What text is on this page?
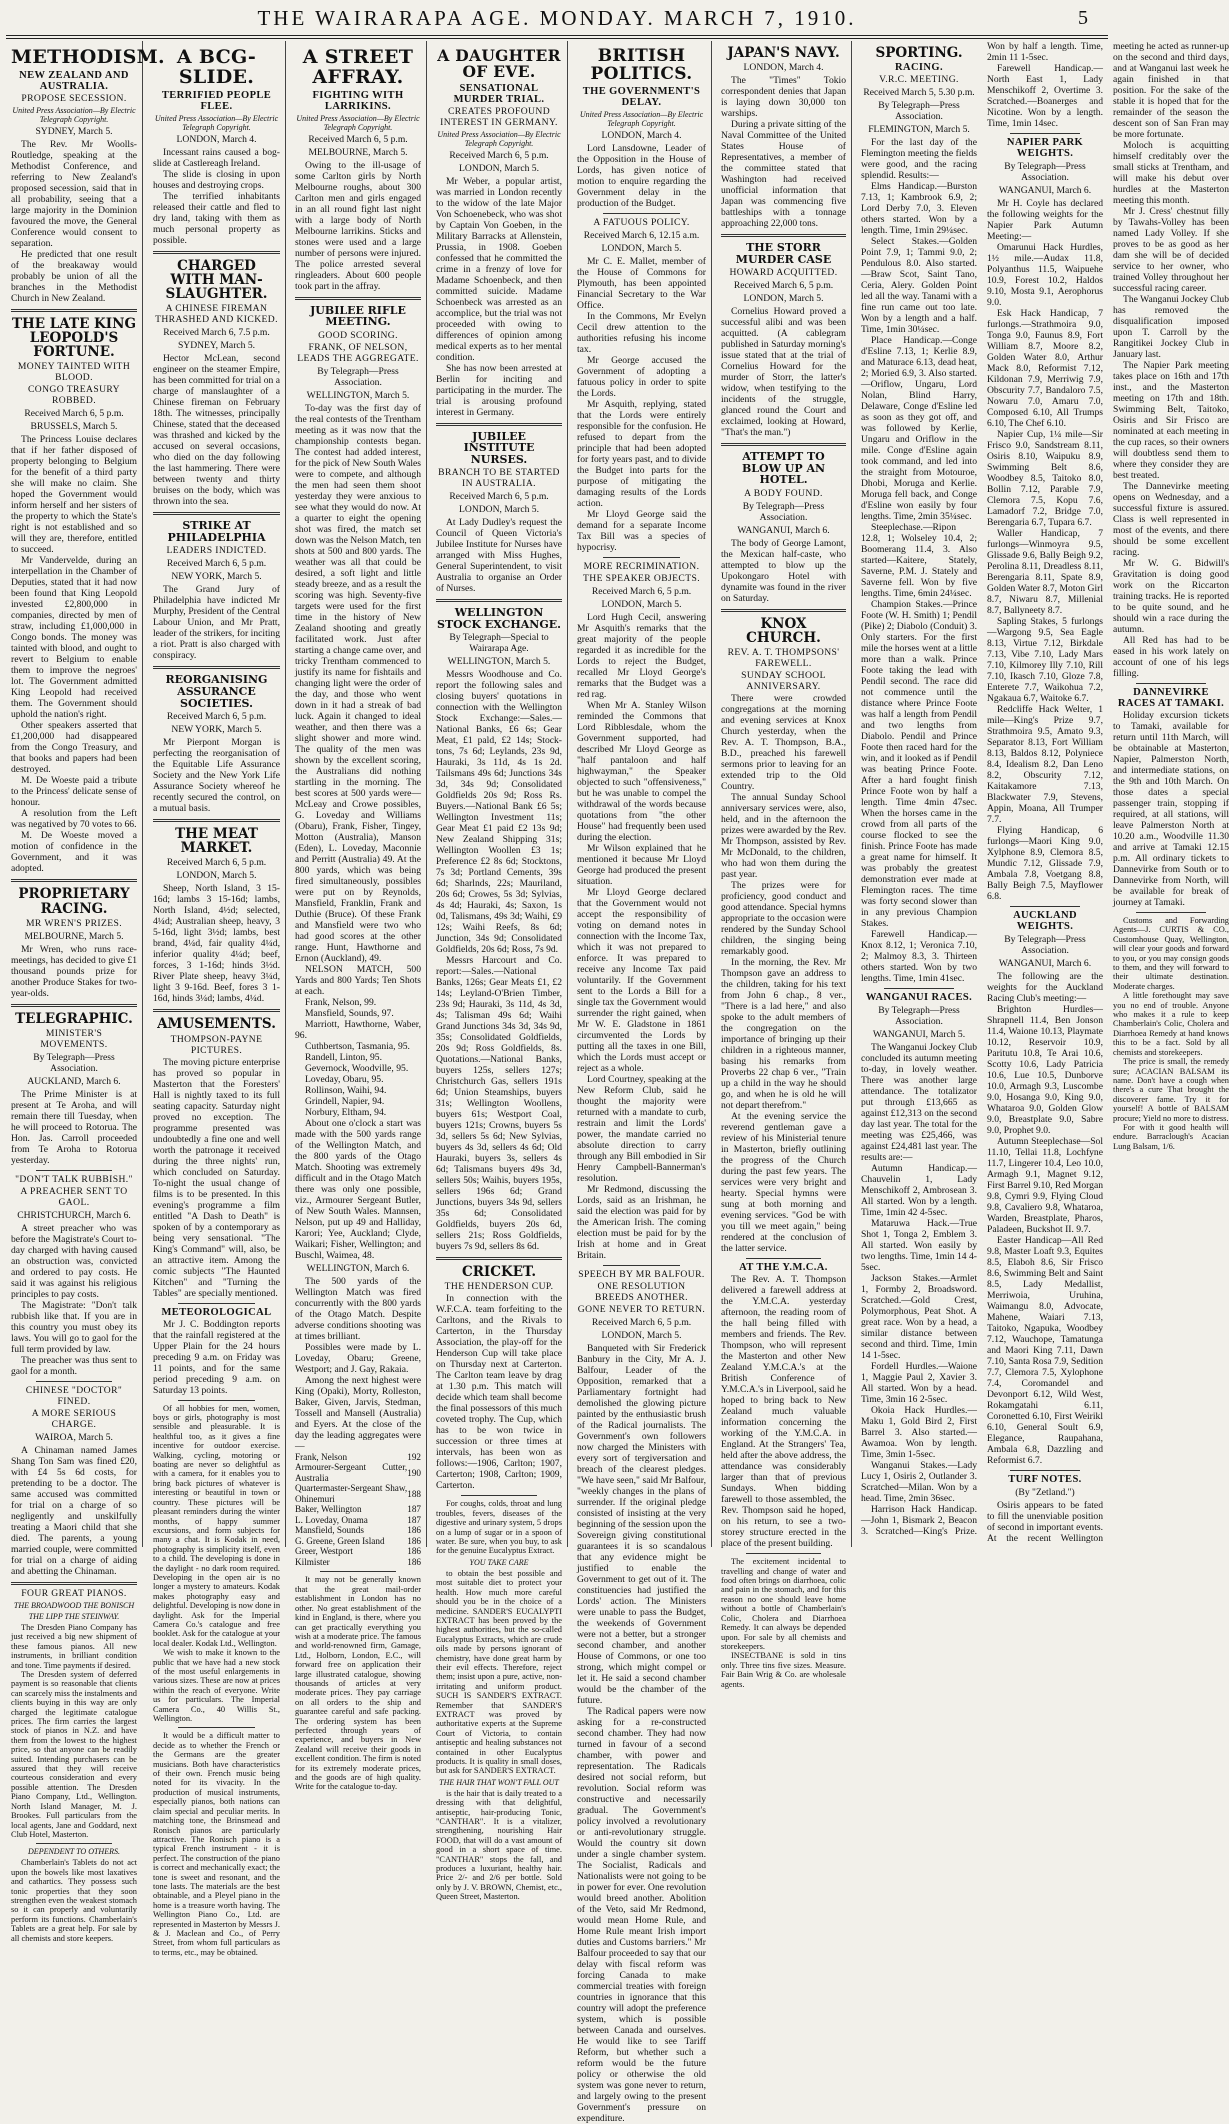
THE WAIRARAPA AGE. MONDAY. MARCH 7, 1910.	5
METHODISM.
NEW ZEALAND AND AUSTRALIA.
PROPOSE SECESSION.
United Press Association—By Electric Telegraph Copyright.
SYDNEY, March 5.

The Rev. Mr Woolls-Routledge, speaking at the Methodist Conference, and referring to New Zealand's proposed secession, said that in all probability, seeing that a large majority in the Dominion favoured the move, the General Conference would consent to separation.

He predicted that one result of the breakaway would probably be union of all the branches in the Methodist Church in New Zealand.

THE LATE KING LEOPOLD'S FORTUNE.
MONEY TAINTED WITH BLOOD.
CONGO TREASURY ROBBED.
Received March 6, 5 p.m.
BRUSSELS, March 5.

The Princess Louise declares that if her father disposed of property belonging to Belgium for the benefit of a third party she will make no claim. She hoped the Government would inform herself and her sisters of the property to which the State's right is not established and so will they are, therefore, entitled to succeed.

Mr Vandervelde, during an interpellation in the Chamber of Deputies, stated that it had now been found that King Leopold invested £2,800,000 in companies, directed by men of straw, including £1,000,000 in Congo bonds. The money was tainted with blood, and ought to revert to Belgium to enable them to improve the negroes' lot. The Government admitted King Leopold had received them. The Government should uphold the nation's right.

Other speakers asserted that £1,200,000 had disappeared from the Congo Treasury, and that books and papers had been destroyed.

M. De Woeste paid a tribute to the Princess' delicate sense of honour.

A resolution from the Left was negatived by 70 votes to 66.

M. De Woeste moved a motion of confidence in the Government, and it was adopted.

PROPRIETARY RACING.
MR WREN'S PRIZES.
MELBOURNE, March 5.

Mr Wren, who runs race-meetings, has decided to give £1 thousand pounds prize for another Produce Stakes for two-year-olds.

TELEGRAPHIC.
MINISTER'S MOVEMENTS.
By Telegraph—Press Association.
AUCKLAND, March 6.

The Prime Minister is at present at Te Aroha, and will remain there till Tuesday, when he will proceed to Rotorua. The Hon. Jas. Carroll proceeded from Te Aroha to Rotorua yesterday.

"DON'T TALK RUBBISH."
A PREACHER SENT TO GAOL.
CHRISTCHURCH, March 6.

A street preacher who was before the Magistrate's Court to-day charged with having caused an obstruction was, convicted and ordered to pay costs. He said it was against his religious principles to pay costs.

The Magistrate: "Don't talk rubbish like that. If you are in this country you must obey its laws. You will go to gaol for the full term provided by law.

The preacher was thus sent to gaol for a month.

CHINESE "DOCTOR" FINED.
A MORE SERIOUS CHARGE.
WAIROA, March 5.

A Chinaman named James Shang Ton Sam was fined £20, with £4 5s 6d costs, for pretending to be a doctor. The same accused was committed for trial on a charge of so negligently and unskilfully treating a Maori child that she died. The parents, a young married couple, were committed for trial on a charge of aiding and abetting the Chinaman.

FOUR GREAT PIANOS.
THE BROADWOOD THE BONISCH
THE LIPP THE STEINWAY.

The Dresden Piano Company has just received a big new shipment of these famous pianos. All new instruments, in brilliant condition and tone. Time payments if desired.

The Dresden system of deferred payment is so reasonable that clients can scarcely miss the instalments and clients buying in this way are only charged the legitimate catalogue prices. The firm carries the largest stock of pianos in N.Z. and have them from the lowest to the highest price, so that anyone can be readily suited. Intending purchasers can be assured that they will receive courteous consideration and every possible attention. The Dresden Piano Company, Ltd., Wellington. North Island Manager, M. J. Brookes. Full particulars from the local agents, Jane and Goddard, next Club Hotel, Masterton.

DEPENDENT TO OTHERS.

Chamberlain's Tablets do not act upon the bowels like most laxatives and cathartics. They possess such tonic properties that they soon strengthen even the weakest stomach so it can properly and voluntarily perform its functions. Chamberlain's Tablets are a great help. For sale by all chemists and store keepers.

A BCG-SLIDE.
TERRIFIED PEOPLE FLEE.
United Press Association—By Electric Telegraph Copyright.
LONDON, March 4.

Incessant rains caused a bog-slide at Castlereagh Ireland.

The slide is closing in upon houses and destroying crops.

The terrified inhabitants released their cattle and fled to dry land, taking with them as much personal property as possible.

CHARGED WITH MAN-SLAUGHTER.
A CHINESE FIREMAN THRASHED AND KICKED.
Received March 6, 7.5 p.m.
SYDNEY, March 5.

Hector McLean, second engineer on the steamer Empire, has been committed for trial on a charge of manslaughter of a Chinese fireman on February 18th. The witnesses, principally Chinese, stated that the deceased was thrashed and kicked by the accused on several occasions, who died on the day following the last hammering. There were between twenty and thirty bruises on the body, which was thrown into the sea.

STRIKE AT PHILADELPHIA
LEADERS INDICTED.
Received March 6, 5 p.m.
NEW YORK, March 5.

The Grand Jury of Philadelphia have indicted Mr Murphy, President of the Central Labour Union, and Mr Pratt, leader of the strikers, for inciting a riot. Pratt is also charged with conspiracy.

REORGANISING ASSURANCE SOCIETIES.
Received March 6, 5 p.m.
NEW YORK, March 5.

Mr Pierpont Morgan is perfecting the reorganisation of the Equitable Life Assurance Society and the New York Life Assurance Society whereof he recently secured the control, on a mutual basis.

THE MEAT MARKET.
Received March 6, 5 p.m.
LONDON, March 5.

Sheep, North Island, 3 15-16d; lambs 3 15-16d; lambs, North Island, 4½d; selected, 4¼d; Australian sheep, heavy, 3 5-16d, light 3½d; lambs, best brand, 4¼d, fair quality 4¼d, inferior quality 4¼d; beef, forces, 3 1-16d; hinds 3½d. River Plate sheep, heavy 3¼d, light 3 9-16d. Beef, fores 3 1-16d, hinds 3¼d; lambs, 4¼d.

AMUSEMENTS.
THOMPSON-PAYNE PICTURES.

The moving picture enterprise has proved so popular in Masterton that the Foresters' Hall is nightly taxed to its full seating capacity. Saturday night proved no exception. The programme presented was undoubtedly a fine one and well worth the patronage it received during the three nights' run, which concluded on Saturday. To-night the usual change of films is to be presented. In this evening's programme a film entitled "A Dash to Death" is spoken of by a contemporary as being very sensational. "The King's Command" will, also, be an attractive item. Among the comic subjects "The Haunted Kitchen" and "Turning the Tables" are specially mentioned.

METEOROLOGICAL

Mr J. C. Boddington reports that the rainfall registered at the Upper Plain for the 24 hours preceding 9 a.m. on Friday was 11 points, and for the same period preceding 9 a.m. on Saturday 13 points.

Of all hobbies for men, women, boys or girls, photography is most sensible and pleasurable. It is healthful too, as it gives a fine incentive for outdoor exercise. Walking, cycling, motoring or boating are never so delightful as with a camera, for it enables you to bring back pictures of whatever is interesting or beautiful in town or country. These pictures will be pleasant reminders during the winter months, of happy summer excursions, and form subjects for many a chat. It is Kodak in need, photography is simplicity itself, even to a child. The developing is done in the daylight - no dark room required. Developing in the open air is no longer a mystery to amateurs. Kodak makes photography easy and delightful. Developing is now done in daylight. Ask for the Imperial Camera Co.'s catalogue and free booklet. Ask for the catalogue at your local dealer. Kodak Ltd., Wellington.

We wish to make it known to the public that we have had a new stock of the most useful enlargements in various sizes. These are now at prices within the reach of everyone. Write us for particulars. The Imperial Camera Co., 40 Willis St., Wellington.

It would be a difficult matter to decide as to whether the French or the Germans are the greater musicians. Both have characteristics of their own. French music being noted for its vivacity. In the production of musical instruments, especially pianos, both nations can claim special and peculiar merits. In matching tone, the Brinsmead and Ronisch pianos are particularly attractive. The Ronisch piano is a typical French instrument - it is perfect. The construction of the piano is correct and mechanically exact; the tone is sweet and resonant, and the tone lasts. The materials are the best obtainable, and a Pleyel piano in the home is a treasure worth having. The Wellington Piano Co., Ltd. are represented in Masterton by Messrs J. & J. Maclean and Co., of Perry Street, from whom full particulars as to terms, etc., may be obtained.

A STREET AFFRAY.
FIGHTING WITH LARRIKINS.
United Press Association—By Electric Telegraph Copyright.
Received March 6, 5 p.m.
MELBOURNE, March 5.

Owing to the ill-usage of some Carlton girls by North Melbourne roughs, about 300 Carlton men and girls engaged in an all round fight last night with a large body of North Melbourne larrikins. Sticks and stones were used and a large number of persons were injured. The police arrested several ringleaders. About 600 people took part in the affray.

JUBILEE RIFLE MEETING.
GOOD SCORING.
FRANK, OF NELSON, LEADS THE AGGREGATE.
By Telegraph—Press Association.
WELLINGTON, March 5.

To-day was the first day of the real contests of the Trentham meeting as it was now that the championship contests began. The contest had added interest, for the pick of New South Wales were to compete, and although the men had seen them shoot yesterday they were anxious to see what they would do now. At a quarter to eight the opening shot was fired, the match set down was the Nelson Match, ten shots at 500 and 800 yards. The weather was all that could be desired, a soft light and little steady breeze, and as a result the scoring was high. Seventy-five targets were used for the first time in the history of New Zealand shooting and greatly facilitated work. Just after starting a change came over, and tricky Trentham commenced to justify its name for fishtails and changing light were the order of the day, and those who went down in it had a streak of bad luck. Again it changed to ideal weather, and then there was a slight shower and more wind. The quality of the men was shown by the excellent scoring, the Australians did nothing startling in the morning. The best scores at 500 yards were—McLeay and Crowe possibles, G. Loveday and Williams (Obaru), Frank, Fisher, Tingey, Motton (Australia), Manson (Eden), L. Loveday, Maconnie and Perritt (Australia) 49. At the 800 yards, which was being fired simultaneously, possibles were put on by Reynolds, Mansfield, Franklin, Frank and Duthie (Bruce). Of these Frank and Mansfield were two who had good scores at the other range. Hunt, Hawthorne and Ernon (Auckland), 49.

NELSON MATCH, 500 Yards and 800 Yards; Ten Shots at each.

Frank, Nelson, 99.

Mansfield, Sounds, 97.

Marriott, Hawthorne, Waber, 96.

Cuthbertson, Tasmania, 95.

Randell, Linton, 95.

Gevernock, Woodville, 95.

Loveday, Obaru, 95.

Rollinson, Waihi, 94.

Grindell, Napier, 94.

Norbury, Eltham, 94.

About one o'clock a start was made with the 500 yards range of the Wellington Match, and the 800 yards of the Otago Match. Shooting was extremely difficult and in the Otago Match there was only one possible, viz., Armourer Sergeant Butler, of New South Wales. Mannsen, Nelson, put up 49 and Halliday, Karori; Yee, Auckland; Clyde, Waikari; Fisher, Wellington; and Buschl, Waimea, 48.

WELLINGTON, March 6.

The 500 yards of the Wellington Match was fired concurrently with the 800 yards of the Otago Match. Despite adverse conditions shooting was at times brilliant.

Possibles were made by L. Loveday, Obaru; Greene, Westport; and J. Gay, Rakaia.

Among the next highest were King (Opaki), Morty, Rolleston, Baker, Given, Jarvis, Stedman, Tossell and Mansell (Australia) and Eyers. At the close of the day the leading aggregates were—

Frank, Nelson	192
Armourer-Sergeant Cutter, Australia	190
Quartermaster-Sergeant Shaw, Ohinemuri	188
Baker, Wellington	187
L. Loveday, Onama	187
Mansfield, Sounds	186
G. Greene, Green Island	186
Greer, Westport	186
Kilmister	186

It may not be generally known that the great mail-order establishment in London has no other. No great establishment of the kind in England, is there, where you can get practically everything you wish at a moderate price. The famous and world-renowned firm, Gamage, Ltd., Holborn, London, E.C., will forward free on application their large illustrated catalogue, showing thousands of articles at very moderate prices. They pay carriage on all orders to the ship and guarantee careful and safe packing. The ordering system has been perfected through years of experience, and buyers in New Zealand will receive their goods in excellent condition. The firm is noted for its extremely moderate prices, and the goods are of high quality. Write for the catalogue to-day.

A DAUGHTER OF EVE.
SENSATIONAL MURDER TRIAL.
CREATES PROFOUND INTEREST IN GERMANY.
United Press Association—By Electric Telegraph Copyright.
Received March 6, 5 p.m.
LONDON, March 5.

Mr Weber, a popular artist, was married in London recently to the widow of the late Major Von Schoenebeck, who was shot by Captain Von Goeben, in the Military Barracks at Allenstein, Prussia, in 1908. Goeben confessed that he committed the crime in a frenzy of love for Madame Schoenbeck, and then committed suicide. Madame Schoenbeck was arrested as an accomplice, but the trial was not proceeded with owing to differences of opinion among medical experts as to her mental condition.

She has now been arrested at Berlin for inciting and participating in the murder. The trial is arousing profound interest in Germany.

JUBILEE INSTITUTE NURSES.
BRANCH TO BE STARTED IN AUSTRALIA.
Received March 6, 5 p.m.
LONDON, March 5.

At Lady Dudley's request the Council of Queen Victoria's Jubilee Institute for Nurses have arranged with Miss Hughes, General Superintendent, to visit Australia to organise an Order of Nurses.

WELLINGTON STOCK EXCHANGE.
By Telegraph—Special to Wairarapa Age.
WELLINGTON, March 5.

Messrs Woodhouse and Co. report the following sales and closing buyers' quotations in connection with the Wellington Stock Exchange:—Sales.—National Banks, £6 6s; Gear Meat, £1 pald, £2 14s; Stock-tons, 7s 6d; Leylands, 23s 9d, Hauraki, 3s 11d, 4s 1s 2d. Tailsmans 49s 6d; Junctions 34s 3d, 34s 9d; Consolidated Goldfields 20s 9d; Ross Rs. Buyers.—National Bank £6 5s; Wellington Investment 11s; Gear Meat £1 paid £2 13s 9d; New Zealand Shipping 31s; Wellington Woollen £3 1s; Preference £2 8s 6d; Stocktons, 7s 3d; Portland Cements, 39s 6d; Sharlnds, 22s; Mauriland, 20s 6d; Crowes, 5s 3d; Sylvias, 4s 4d; Hauraki, 4s; Saxon, 1s 0d, Talismans, 49s 3d; Waihi, £9 12s; Waihi Reefs, 8s 6d; Junction, 34s 9d; Consolidated Goldfields, 20s 6d; Ross, 7s 9d.

Messrs Harcourt and Co. report:—Sales.—National Banks, 126s; Gear Meats £1, £2 14s; Leyland-O'Brien Timber, 23s 9d; Hauraki, 3s 11d, 4s 3d, 4s; Talisman 49s 6d; Waihi Grand Junctions 34s 3d, 34s 9d, 35s; Consolidated Goldfields, 20s 9d; Ross Goldfields, 8s. Quotations.—National Banks, buyers 125s, sellers 127s; Christchurch Gas, sellers 191s 6d; Union Steamships, buyers 31s; Wellington Woollens, buyers 61s; Westport Coal, buyers 121s; Crowns, buyers 5s 3d, sellers 5s 6d; New Sylvias, buyers 4s 3d, sellers 4s 6d; Old Hauraki, buyers 3s, sellers 4s 6d; Talismans buyers 49s 3d, sellers 50s; Waihis, buyers 195s, sellers 196s 6d; Grand Junctions, buyers 34s 9d, sellers 35s 6d; Consolidated Goldfields, buyers 20s 6d, sellers 21s; Ross Goldfields, buyers 7s 9d, sellers 8s 6d.

CRICKET.
THE HENDERSON CUP.

In connection with the W.F.C.A. team forfeiting to the Carltons, and the Rivals to Carterton, in the Thursday Association, the play-off for the Henderson Cup will take place on Thursday next at Carterton. The Carlton team leave by drag at 1.30 p.m. This match will decide which team shall become the final possessors of this much coveted trophy. The Cup, which has to be won twice in succession or three times at intervals, has been won as follows:—1906, Carlton; 1907, Carterton; 1908, Carlton; 1909, Carterton.

For coughs, colds, throat and lung troubles, fevers, diseases of the digestive and urinary system, 5 drops on a lump of sugar or in a spoon of water. Be sure, when you buy, to ask for the genuine Eucalyptus Extract.

YOU TAKE CARE

to obtain the best possible and most suitable diet to protect your health. How much more careful should you be in the choice of a medicine. SANDER'S EUCALYPTI EXTRACT has been proved by the highest authorities, but the so-called Eucalyptus Extracts, which are crude oils made by persons ignorant of chemistry, have done great harm by their evil effects. Therefore, reject them; insist upon a pure, active, non-irritating and uniform product. SUCH IS SANDER'S EXTRACT. Remember that SANDER'S EXTRACT was proved by authoritative experts at the Supreme Court of Victoria, to contain antiseptic and healing substances not contained in other Eucalyptus products. It is quality in small doses, but ask for SANDER'S EXTRACT.

THE HAIR THAT WON'T FALL OUT

is the hair that is daily treated to a dressing with that delightful, antiseptic, hair-producing Tonic, "CANTHAR". It is a vitalizer, strengthening, nourishing Hair FOOD, that will do a vast amount of good in a short space of time. "CANTHAR" stops the fall, and produces a luxuriant, healthy hair. Price 2/- and 2/6 per bottle. Sold only by J. V. BROWN, Chemist, etc., Queen Street, Masterton.

BRITISH POLITICS.
THE GOVERNMENT'S DELAY.
United Press Association—By Electric Telegraph Copyright.
LONDON, March 4.

Lord Lansdowne, Leader of the Opposition in the House of Lords, has given notice of motion to enquire regarding the Government delay in the production of the Budget.

A FATUOUS POLICY.
Received March 6, 12.15 a.m.
LONDON, March 5.

Mr C. E. Mallet, member of the House of Commons for Plymouth, has been appointed Financial Secretary to the War Office.

In the Commons, Mr Evelyn Cecil drew attention to the authorities refusing his income tax.

Mr George accused the Government of adopting a fatuous policy in order to spite the Lords.

Mr Asquith, replying, stated that the Lords were entirely responsible for the confusion. He refused to depart from the principle that had been adopted for forty years past, and to divide the Budget into parts for the purpose of mitigating the damaging results of the Lords action.

Mr Lloyd George said the demand for a separate Income Tax Bill was a species of hypocrisy.

MORE RECRIMINATION.
THE SPEAKER OBJECTS.
Received March 6, 5 p.m.
LONDON, March 5.

Lord Hugh Cecil, answering Mr Asquith's remarks that the great majority of the people regarded it as incredible for the Lords to reject the Budget, recalled Mr Lloyd George's remarks that the Budget was a red rag.

When Mr A. Stanley Wilson reminded the Commons that Lord Ribblesdale, whom the Government supported, had described Mr Lloyd George as "half pantaloon and half highwayman," the Speaker objected to such "offensiveness," but he was unable to compel the withdrawal of the words because quotations from "the other House" had frequently been used during the election.

Mr Wilson explained that he mentioned it because Mr Lloyd George had produced the present situation.

Mr Lloyd George declared that the Government would not accept the responsibility of voting on demand notes in connection with the Income Tax, which it was not prepared to enforce. It was prepared to receive any Income Tax paid voluntarily. If the Government sent to the Lords a Bill for a single tax the Government would surrender the right gained, when Mr W. E. Gladstone in 1861 circumvented the Lords by putting all the taxes in one Bill, which the Lords must accept or reject as a whole.

Lord Courtney, speaking at the New Reform Club, said he thought the majority were returned with a mandate to curb, restrain and limit the Lords' power, the mandate carried no absolute direction to carry through any Bill embodied in Sir Henry Campbell-Bannerman's resolution.

Mr Redmond, discussing the Lords, said as an Irishman, he said the election was paid for by the American Irish. The coming election must be paid for by the Irish at home and in Great Britain.

SPEECH BY MR BALFOUR.
ONE RESOLUTION BREEDS ANOTHER.
GONE NEVER TO RETURN.
Received March 6, 5 p.m.
LONDON, March 5.

Banqueted with Sir Frederick Banbury in the City, Mr A. J. Balfour, Leader of the Opposition, remarked that a Parliamentary fortnight had demolished the glowing picture painted by the enthusiastic brush of the Radical journalists. The Government's own followers now charged the Ministers with every sort of tergiversation and breach of the clearest pledges. "We have seen," said Mr Balfour, "weekly changes in the plans of surrender. If the original pledge consisted of insisting at the very beginning of the session upon the Sovereign giving constitutional guarantees it is so scandalous that any evidence might be justified to enable the Government to get out of it. The constituencies had justified the Lords' action. The Ministers were unable to pass the Budget, the weekends of Government were not a better, but a stronger second chamber, and another House of Commons, or one too strong, which might compel or let it. He said a second chamber would be the chamber of the future.

The Radical papers were now asking for a re-constructed second chamber. They had now turned in favour of a second chamber, with power and representation. The Radicals desired not social reform, but revolution. Social reform was constructive and necessarily gradual. The Government's policy involved a revolutionary or anti-revolutionary struggle. Would the country sit down under a single chamber system. The Socialist, Radicals and Nationalists were not going to be in power for ever. One revolution would breed another. Abolition of the Veto, said Mr Redmond, would mean Home Rule, and Home Rule meant Irish import duties and Customs barriers." Mr Balfour proceeded to say that our delay with fiscal reform was forcing Canada to make commercial treaties with foreign countries in ignorance that this country will adopt the preference system, which is possible between Canada and ourselves. He would like to see Tariff Reform, but whether such a reform would be the future policy or otherwise the old system was gone never to return, and largely owing to the present Government's pressure on expenditure.

JAPAN'S NAVY.
LONDON, March 4.

The "Times" Tokio correspondent denies that Japan is laying down 30,000 ton warships.

During a private sitting of the Naval Committee of the United States House of Representatives, a member of the committee stated that Washington had received unofficial information that Japan was commencing five battleships with a tonnage approaching 22,000 tons.

THE STORR MURDER CASE
HOWARD ACQUITTED.
Received March 6, 5 p.m.
LONDON, March 5.

Cornelius Howard proved a successful alibi and was been acquitted. (A cablegram published in Saturday morning's issue stated that at the trial of Cornelius Howard for the murder of Storr, the latter's widow, when testifying to the incidents of the struggle, glanced round the Court and exclaimed, looking at Howard, "That's the man.")

ATTEMPT TO BLOW UP AN HOTEL.
A BODY FOUND.
By Telegraph—Press Association.
WANGANUI, March 6.

The body of George Lamont, the Mexican half-caste, who attempted to blow up the Upokongaro Hotel with dynamite was found in the river on Saturday.

KNOX CHURCH.
REV. A. T. THOMPSONS' FAREWELL.
SUNDAY SCHOOL ANNIVERSARY.

There were crowded congregations at the morning and evening services at Knox Church yesterday, when the Rev. A. T. Thompson, B.A., B.D., preached his farewell sermons prior to leaving for an extended trip to the Old Country.

The annual Sunday School anniversary services were, also, held, and in the afternoon the prizes were awarded by the Rev. Mr Thompson, assisted by Rev. Mr McDonald, to the children, who had won them during the past year.

The prizes were for proficiency, good conduct and good attendance. Special hymns appropriate to the occasion were rendered by the Sunday School children, the singing being remarkably good.

In the morning, the Rev. Mr Thompson gave an address to the children, taking for his text from John 6 chap., 8 ver., "There is a lad here," and also spoke to the adult members of the congregation on the importance of bringing up their children in a righteous manner, basing his remarks from Proverbs 22 chap 6 ver., "Train up a child in the way he should go, and when he is old he will not depart therefrom."

At the evening service the reverend gentleman gave a review of his Ministerial tenure in Masterton, briefly outlining the progress of the Church during the past few years. The services were very bright and hearty. Special hymns were sung at both morning and evening services. "God be with you till we meet again," being rendered at the conclusion of the latter service.

AT THE Y.M.C.A.

The Rev. A. T. Thompson delivered a farewell address at the Y.M.C.A. yesterday afternoon, the reading room of the hall being filled with members and friends. The Rev. Thompson, who will represent the Masterton and other New Zealand Y.M.C.A.'s at the British Conference of Y.M.C.A.'s in Liverpool, said he hoped to bring back to New Zealand much valuable information concerning the working of the Y.M.C.A. in England. At the Strangers' Tea, held after the above address, the attendance was considerably larger than that of previous Sundays. When bidding farewell to those assembled, the Rev. Thompson said he hoped, on his return, to see a two-storey structure erected in the place of the present building.

The excitement incidental to travelling and change of water and food often brings on diarrhoea, colic and pain in the stomach, and for this reason no one should leave home without a bottle of Chamberlain's Colic, Cholera and Diarrhoea Remedy. It can always be depended upon. For sale by all chemists and storekeepers.

INSECTBANE is sold in tins only. Three tins five sizes. Measure. Fair Bain Wrig & Co. are wholesale agents.

SPORTING.
RACING.
V.R.C. MEETING.
Received March 5, 5.30 p.m.
By Telegraph—Press Association.
FLEMINGTON, March 5.

For the last day of the Flemington meeting the fields were good, and the racing splendid. Results:—

Elms Handicap.—Burston 7.13, 1; Kambrook 6.9, 2; Lord Derby 7.0, 3. Eleven others started. Won by a length. Time, 1min 29¼sec.

Select Stakes.—Golden Point 7.9, 1; Tammi 9.0, 2; Pendulous 8.0. Also started.—Braw Scot, Saint Tano, Ceria, Alery. Golden Point led all the way. Tanami with a fine run came out too late. Won by a length and a half. Time, 1min 30¼sec.

Place Handicap.—Conge d'Esline 7.13, 1; Kerlie 8.9, and Maturace 6.13, dead heat, 2; Moried 6.9, 3. Also started.—Oriflow, Ungaru, Lord Nolan, Blind Harry, Delaware, Conge d'Esline led as soon as they got off, and was followed by Kerlie, Ungaru and Oriflow in the mile. Conge d'Esline again took command, and led into the straight from Motouroe, Dhobi, Moruga and Kerlie. Moruga fell back, and Conge d'Esline won easily by four lengths. Time, 2min 35¼sec.

Steeplechase.—Ripon 12.8, 1; Wolseley 10.4, 2; Boomerang 11.4, 3. Also started—Kaitere, Stately, Saverne, P.M. J. Stately and Saverne fell. Won by five lengths. Time, 6min 24¼sec.

Champion Stakes.—Prince Foote (W. H. Smith) 1; Pendil (Pike) 2; Diabolo (Conduit) 3. Only starters. For the first mile the horses went at a little more than a walk. Prince Foote taking the lead with Pendil second. The race did not commence until the distance where Prince Foote was half a length from Pendil and two lengths from Diabolo. Pendil and Prince Foote then raced hard for the win, and it looked as if Pendil was beating Prince Foote. After a hard fought finish Prince Foote won by half a length. Time 4min 47sec. When the horses came in the crowd from all parts of the course flocked to see the finish. Prince Foote has made a great name for himself. It was probably the greatest demonstration ever made at Flemington races. The time was forty second slower than in any previous Champion Stakes.

Farewell Handicap.—Knox 8.12, 1; Veronica 7.10, 2; Malmoy 8.3, 3. Thirteen others started. Won by two lengths. Time, 1min 41sec.

WANGANUI RACES.
By Telegraph—Press Association.
WANGANUI, March 5.

The Wanganui Jockey Club concluded its autumn meeting to-day, in lovely weather. There was another large attendance. The totalizator put through £13,665 as against £12,313 on the second day last year. The total for the meeting was £25,466, was against £24,481 last year. The results are:—

Autumn Handicap.—Chauvelin 1, Lady Menschikoff 2, Ambrosean 3. All started. Won by a length. Time, 1min 42 4-5sec.

Mataruwa Hack.—True Shot 1, Tonga 2, Emblem 3. All started. Won easily by two lengths. Time, 1min 14 4-5sec.

Jackson Stakes.—Armlet 1, Formby 2, Broadsword. Scratched.—Gold Crest, Polymorphous, Peat Shot. A great race. Won by a head, a similar distance between second and third. Time, 1min 14 1-5sec.

Fordell Hurdles.—Waione 1, Maggie Paul 2, Xavier 3. All started. Won by a head. Time, 3min 16 2-5sec.

Okoia Hack Hurdles.—Maku 1, Gold Bird 2, First Barrel 3. Also started.—Awamoa. Won by length. Time, 3min 1-5sec.

Wanganui Stakes.—Lady Lucy 1, Osiris 2, Outlander 3. Scratched—Milan. Won by a head. Time, 2min 36sec.

Harrison Hack Handicap.—John 1, Bismark 2, Beacon 3. Scratched—King's Prize. Won by half a length. Time, 2min 11 1-5sec.

Farewell Handicap.—North East 1, Lady Menschikoff 2, Overtime 3. Scratched.—Boanerges and Nicotine. Won by a length. Time, 1min 14sec.

NAPIER PARK WEIGHTS.
By Telegraph—Press Association.
WANGANUI, March 6.

Mr H. Coyle has declared the following weights for the Napier Park Autumn Meeting:—

Omarunui Hack Hurdles, 1½ mile.—Audax 11.8, Polyanthus 11.5, Waipuehe 10.9, Forest 10.2, Haldos 9.10, Mosta 9.1, Aerophorus 9.0.

Esk Hack Handicap, 7 furlongs.—Strathmoira 9.0, Tonga 9.0, Faunus 8.9, Fort William 8.7, Moore 8.2, Golden Water 8.0, Arthur Mack 8.0, Reformist 7.12, Kildonan 7.9, Merriwig 7.9, Obscurity 7.7, Bandaloro 7.5, Nowaru 7.0, Amaru 7.0, Composed 6.10, All Trumps 6.10, The Chef 6.10.

Napier Cup, 1¼ mile—Sir Frisco 9.0, Sandstream 8.11, Osiris 8.10, Waipuku 8.9, Swimming Belt 8.6, Woodbey 8.5, Taitoko 8.0, Bollin 7.12, Parable 7.9, Clemora 7.5, Kopu 7.6, Lamadorf 7.2, Bridge 7.0, Berengaria 6.7, Tupara 6.7.

Waller Handicap, 7 furlongs—Winmoyra 9.5, Glissade 9.6, Bally Beigh 9.2, Perolina 8.11, Dreadless 8.11, Berengaria 8.11, Spate 8.9, Golden Water 8.7, Moton Girl 8.7, Niwaru 8.7, Millenial 8.7, Ballyneety 8.7.

Sapling Stakes, 5 furlongs—Wargong 9.5, Sea Eagle 8.13, Virtue 7.12, Birkdale 7.13, Vibe 7.10, Lady Mars 7.10, Kilmorey Illy 7.10, Rill 7.10, Ikasch 7.10, Gloze 7.8, Enterete 7.7, Waikohua 7.2, Ngakaua 6.7, Waitoke 6.7.

Redcliffe Hack Welter, 1 mile—King's Prize 9.7, Strathmoira 9.5, Amato 9.3, Separator 8.13, Fort William 8.13, Baldos 8.12, Polyniece 8.4, Idealism 8.2, Dan Leno 8.2, Obscurity 7.12, Kaitakamore 7.13, Blackwater 7.9, Stevens, Appin, Moana, All Trumper 7.7.

Flying Handicap, 6 furlongs—Maori King 9.0, Xylphone 8.9, Clemora 8.5, Mundic 7.12, Glissade 7.9, Ambala 7.8, Voetgang 8.8, Bally Beigh 7.5, Mayflower 6.8.

AUCKLAND WEIGHTS.
By Telegraph—Press Association.
WANGANUI, March 6.

The following are the weights for the Auckland Racing Club's meeting:—

Brighton Hurdles—Shrapnell 11.4, Ben Jonson 11.4, Waione 10.13, Playmate 10.12, Reservoir 10.9, Paritutu 10.8, Te Arai 10.6, Scotty 10.6, Lady Patricia 10.6, Lue 10.5, Dunborve 10.0, Armagh 9.3, Luscombe 9.0, Hosanga 9.0, King 9.0, Whataroa 9.0, Golden Glow 9.0, Breastplate 9.0, Sabre 9.0, Prophet 9.0.

Autumn Steeplechase—Sol 11.10, Tellai 11.8, Lochfyne 11.7, Lingerer 10.4, Leo 10.0, Armagh 9.1, Magnet 9.12, First Barrel 9.10, Red Morgan 9.8, Cymri 9.9, Flying Cloud 9.8, Cavaliero 9.8, Whataroa, Warden, Breastplate, Pharos, Paladeen, Buckshot II. 9.7.

Easter Handicap—All Red 9.8, Master Loaft 9.3, Equites 8.5, Elaboh 8.6, Sir Frisco 8.6, Swimming Belt and Saint 8.5, Lady Medallist, Merriwoia, Uruhina, Waimangu 8.0, Advocate, Mahene, Waiari 7.13, Taitoko, Ngapuka, Woodbey 7.12, Wauchope, Tamatunga and Maori King 7.11, Dawn 7.10, Santa Rosa 7.9, Sedition 7.7, Clemora 7.5, Xylophone 7.4, Coromandel and Devonport 6.12, Wild West, Rokamgatahi 6.11, Coronetted 6.10, First Weirikl 6.10, General Soult 6.9, Elegance, Raupahana, Ambala 6.8, Dazzling and Reformist 6.7.

TURF NOTES.
(By "Zetland.")

Osiris appears to be fated to fill the unenviable position of second in important events. At the recent Wellington meeting he acted as runner-up on the second and third days, and at Wanganui last week he again finished in that position. For the sake of the stable it is hoped that for the remainder of the season the descent son of San Fran may be more fortunate.

Moloch is acquitting himself creditably over the small sticks at Trentham, and will make his debut over hurdles at the Masterton meeting this month.

Mr J. Cress' chestnut filly by Tawahs-Volley has been named Lady Volley. If she proves to be as good as her dam she will be of decided service to her owner, who trained Volley throughout her successful racing career.

The Wanganui Jockey Club has removed the disqualification imposed upon T. Carroll by the Rangitikei Jockey Club in January last.

The Napier Park meeting takes place on 16th and 17th inst., and the Masterton meeting on 17th and 18th. Swimming Belt, Taitoko, Osiris and Sir Frisco are nominated at each meeting in the cup races, so their owners will doubtless send them to where they consider they are best treated.

The Dannevirke meeting opens on Wednesday, and a successful fixture is assured. Class is well represented in most of the events, and there should be some excellent racing.

Mr W. G. Bidwill's Gravitation is doing good work on the Riccarton training tracks. He is reported to be quite sound, and he should win a race during the autumn.

All Red has had to be eased in his work lately on account of one of his legs filling.

DANNEVIRKE RACES AT TAMAKI.

Holiday excursion tickets to Tamaki, available for return until 11th March, will be obtainable at Masterton, Napier, Palmerston North, and intermediate stations, on the 9th and 10th March. On those dates a special passenger train, stopping if required, at all stations, will leave Palmerston North at 10.20 a.m., Woodville 11.30 and arrive at Tamaki 12.15 p.m. All ordinary tickets to Dannevirke from South or to Dannevirke from North, will be available for break of journey at Tamaki.

Customs and Forwarding Agents—J. CURTIS & CO., Customhouse Quay, Wellington, will clear your goods and forward to you, or you may consign goods to them, and they will forward to their ultimate destination. Moderate charges.

A little forethought may save you no end of trouble. Anyone who makes it a rule to keep Chamberlain's Colic, Cholera and Diarrhoea Remedy at hand knows this to be a fact. Sold by all chemists and storekeepers.

The price is small, the remedy sure; ACACIAN BALSAM its name. Don't have a cough when there's a cure That brought the discoverer fame. Try it for yourself! A bottle of BALSAM procure; Yield no more to distress.

For with it good health will endure. Barraclough's Acacian Lung Balsam, 1/6.
